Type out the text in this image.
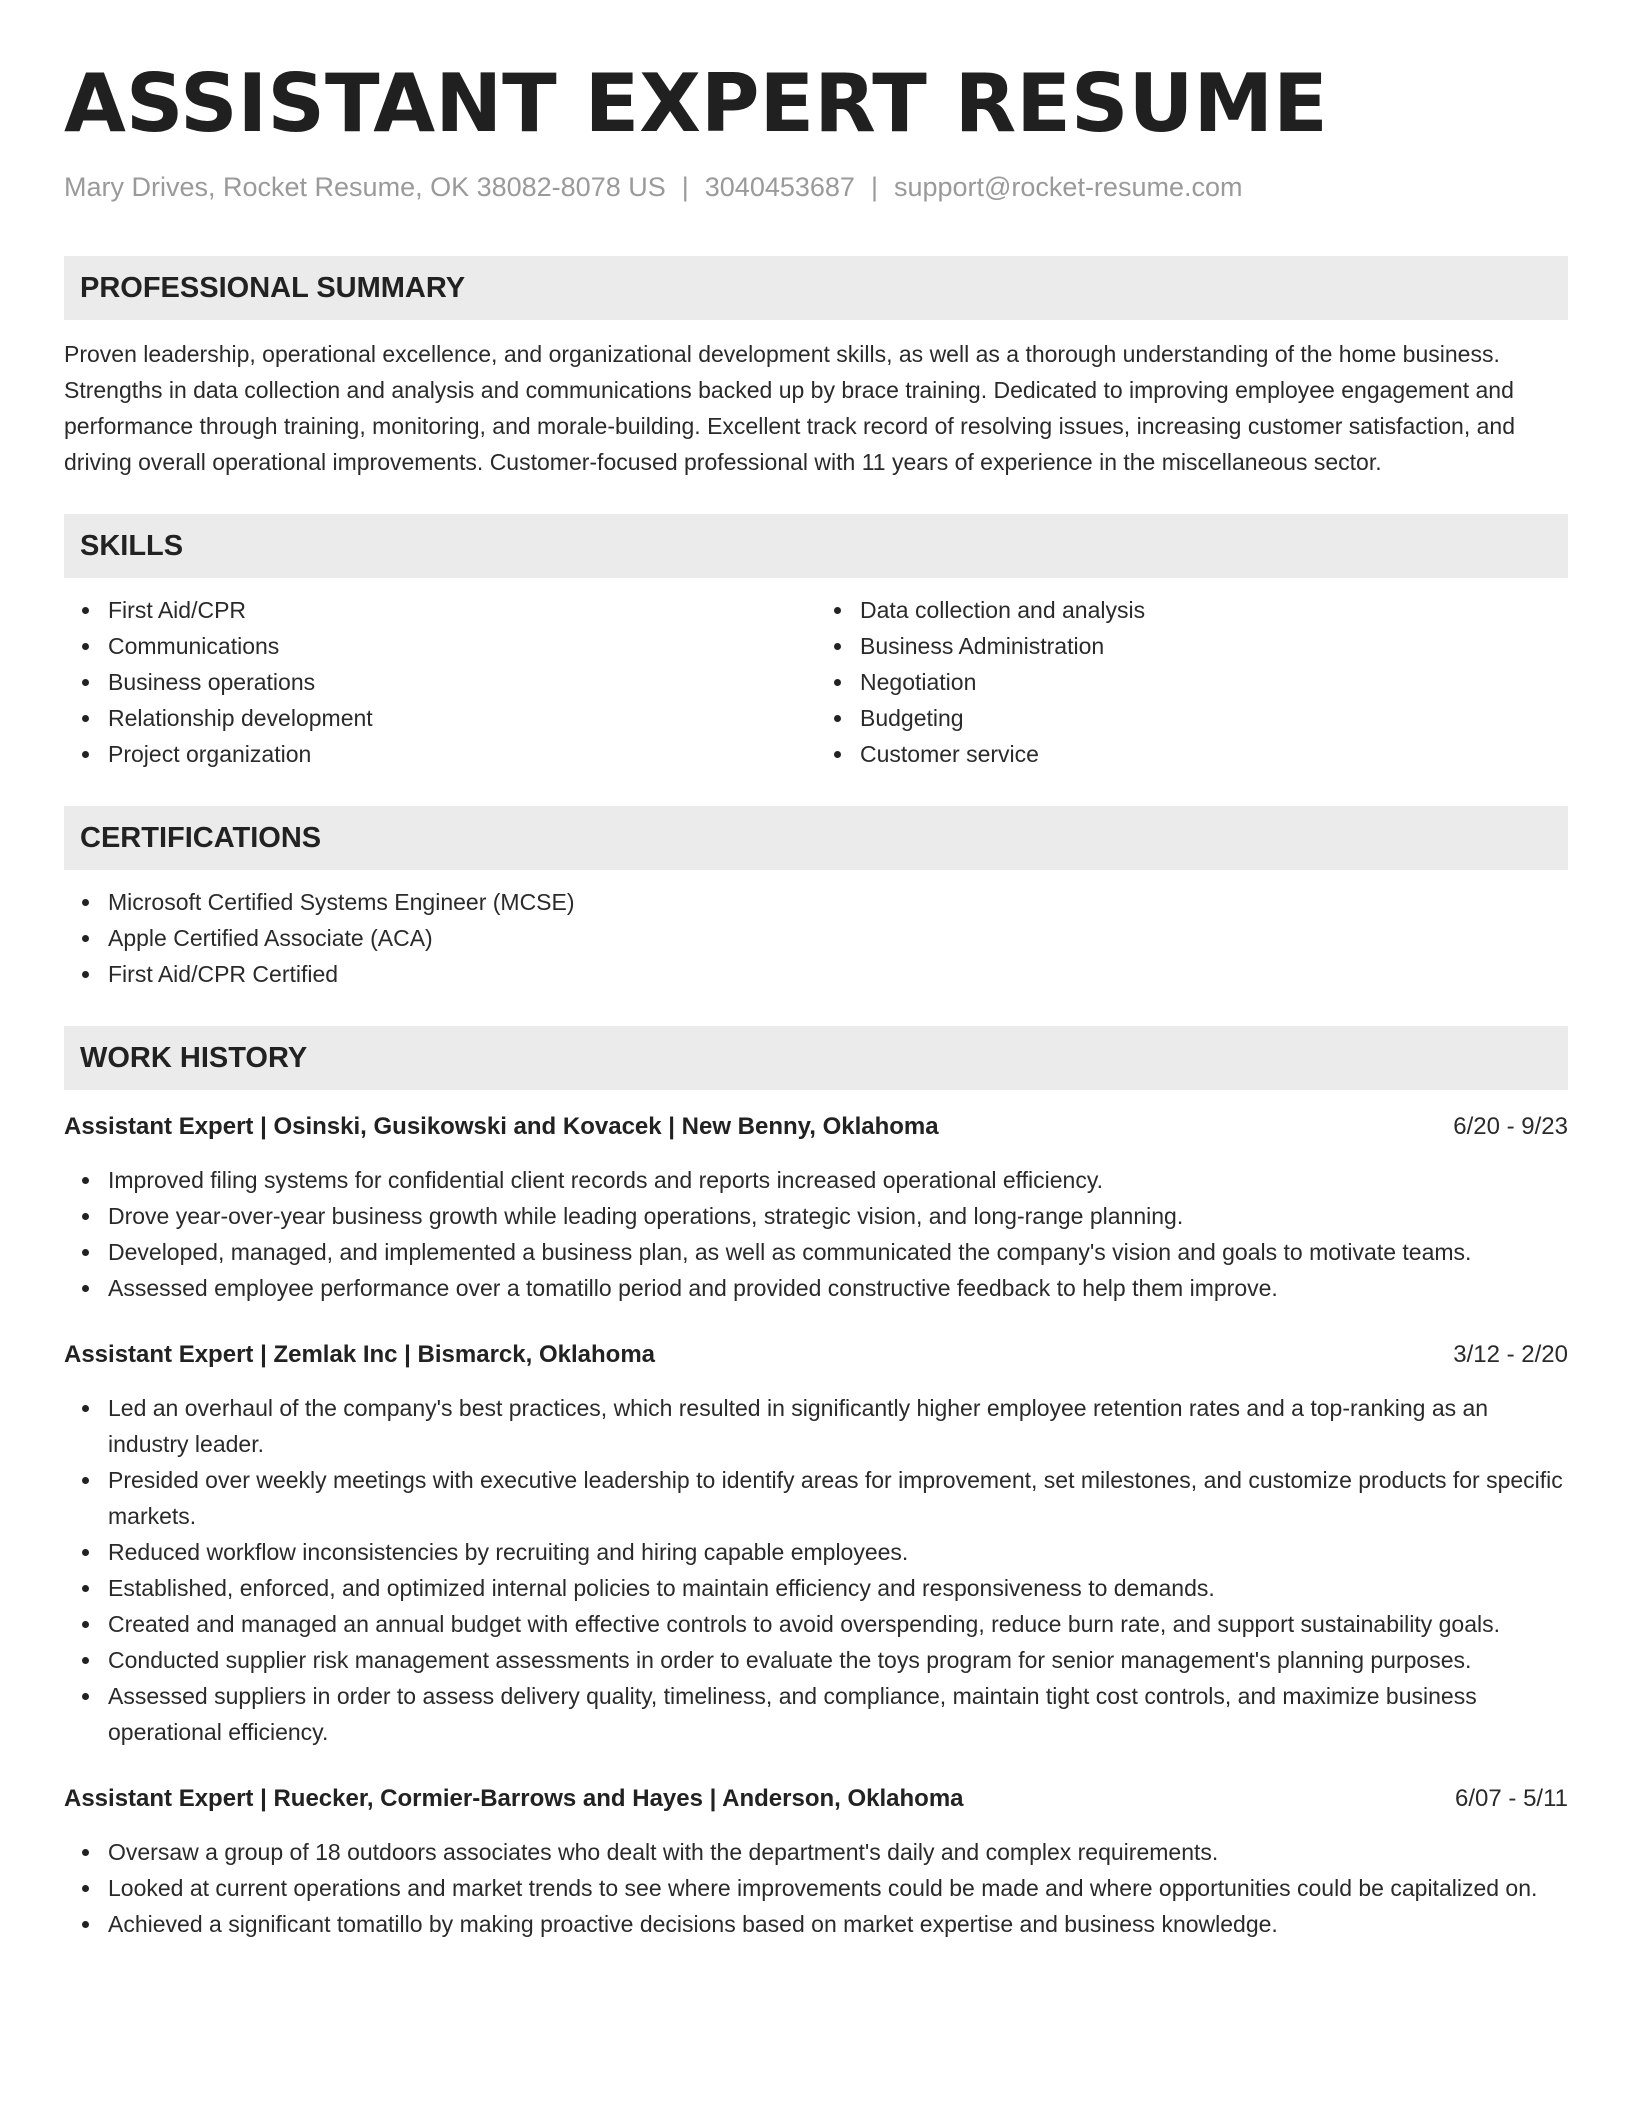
ASSISTANT EXPERT RESUME
Mary Drives, Rocket Resume, OK 38082-8078 US | 3040453687 | support@rocket-resume.com
PROFESSIONAL SUMMARY
Proven leadership, operational excellence, and organizational development skills, as well as a thorough understanding of the home business. Strengths in data collection and analysis and communications backed up by brace training. Dedicated to improving employee engagement and performance through training, monitoring, and morale-building. Excellent track record of resolving issues, increasing customer satisfaction, and driving overall operational improvements. Customer-focused professional with 11 years of experience in the miscellaneous sector.
SKILLS
First Aid/CPR
Communications
Business operations
Relationship development
Project organization
Data collection and analysis
Business Administration
Negotiation
Budgeting
Customer service
CERTIFICATIONS
Microsoft Certified Systems Engineer (MCSE)
Apple Certified Associate (ACA)
First Aid/CPR Certified
WORK HISTORY
Assistant Expert | Osinski, Gusikowski and Kovacek | New Benny, Oklahoma	6/20 - 9/23
Improved filing systems for confidential client records and reports increased operational efficiency.
Drove year-over-year business growth while leading operations, strategic vision, and long-range planning.
Developed, managed, and implemented a business plan, as well as communicated the company's vision and goals to motivate teams.
Assessed employee performance over a tomatillo period and provided constructive feedback to help them improve.
Assistant Expert | Zemlak Inc | Bismarck, Oklahoma	3/12 - 2/20
Led an overhaul of the company's best practices, which resulted in significantly higher employee retention rates and a top-ranking as an industry leader.
Presided over weekly meetings with executive leadership to identify areas for improvement, set milestones, and customize products for specific markets.
Reduced workflow inconsistencies by recruiting and hiring capable employees.
Established, enforced, and optimized internal policies to maintain efficiency and responsiveness to demands.
Created and managed an annual budget with effective controls to avoid overspending, reduce burn rate, and support sustainability goals.
Conducted supplier risk management assessments in order to evaluate the toys program for senior management's planning purposes.
Assessed suppliers in order to assess delivery quality, timeliness, and compliance, maintain tight cost controls, and maximize business operational efficiency.
Assistant Expert | Ruecker, Cormier-Barrows and Hayes | Anderson, Oklahoma	6/07 - 5/11
Oversaw a group of 18 outdoors associates who dealt with the department's daily and complex requirements.
Looked at current operations and market trends to see where improvements could be made and where opportunities could be capitalized on.
Achieved a significant tomatillo by making proactive decisions based on market expertise and business knowledge.
